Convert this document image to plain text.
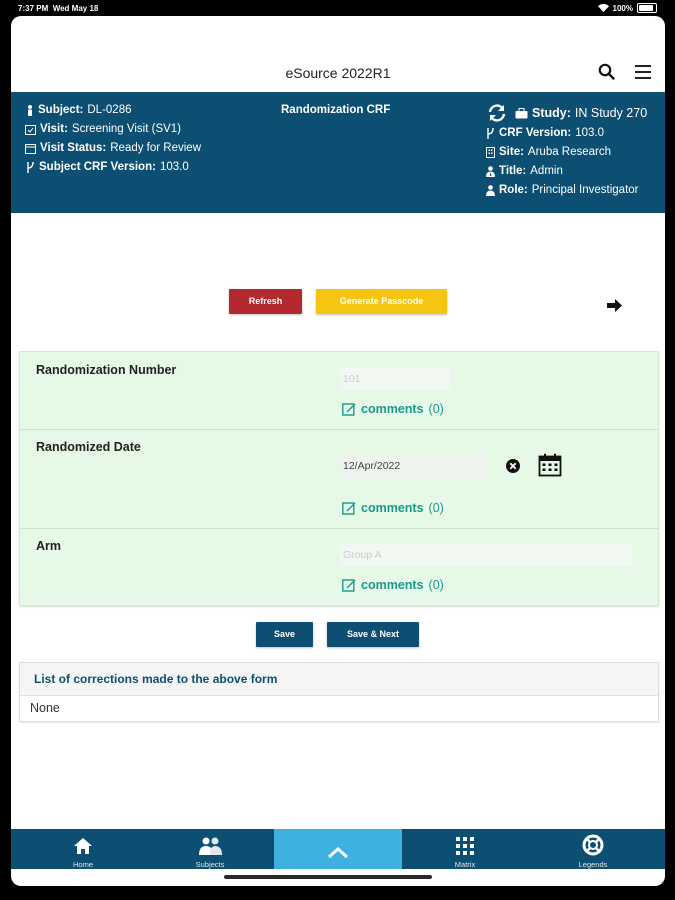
7:37 PM Wed May 18	100%
eSource 2022R1
Subject: DL-0286
Visit: Screening Visit (SV1)
Visit Status: Ready for Review
Subject CRF Version: 103.0
Randomization CRF	Study: IN Study 270
CRF Version: 103.0
Site: Aruba Research
Title: Admin
Role: Principal Investigator
Refresh	Generate Passcode
Randomization Number
101
comments (0)
Randomized Date
12/Apr/2022
comments (0)
Arm
Group A
comments (0)
Save	Save & Next
List of corrections made to the above form
None
Home	Subjects	Matrix	Legends
